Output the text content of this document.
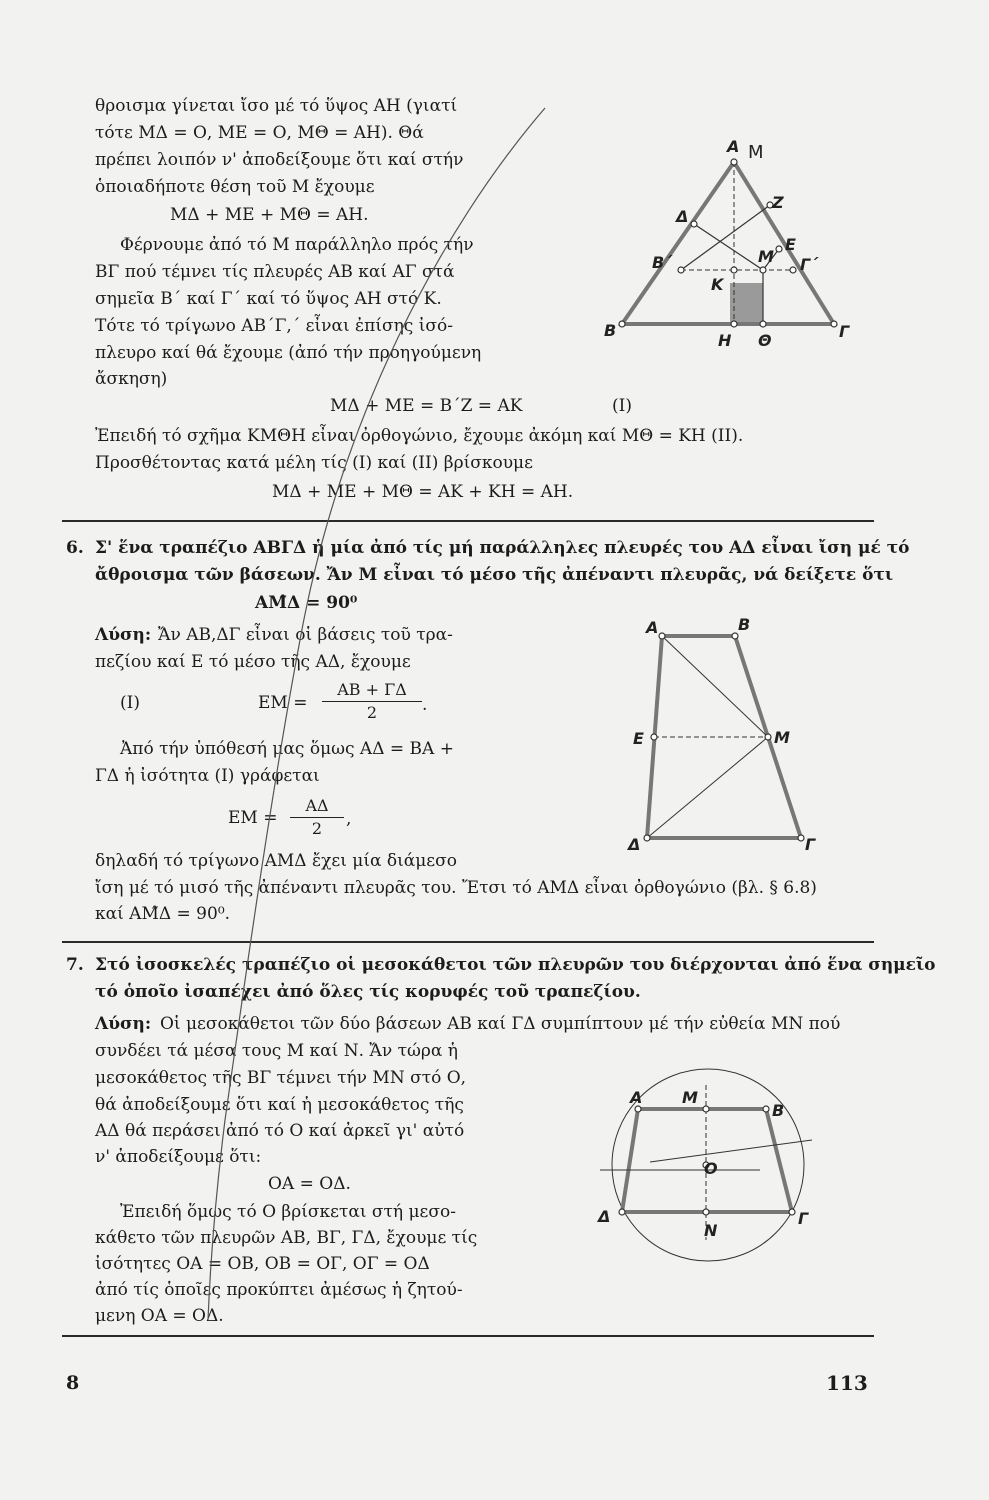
θροισμα γίνεται ἴσο μέ τό ὕψος ΑΗ (γιατί
τότε ΜΔ = Ο, ΜΕ = Ο, ΜΘ = ΑΗ). Θά
πρέπει λοιπόν ν' ἀποδείξουμε ὅτι καί στήν
ὁποιαδήποτε θέση τοῦ Μ ἔχουμε
ΜΔ + ΜΕ + ΜΘ = ΑΗ.
Φέρνουμε ἀπό τό Μ παράλληλο πρός τήν
ΒΓ πού τέμνει τίς πλευρές ΑΒ καί ΑΓ στά
σημεῖα Β΄ καί Γ΄ καί τό ὕψος ΑΗ στό Κ.
Τότε τό τρίγωνο ΑΒ΄Γ,΄ εἶναι ἐπίσης ἰσό-
πλευρο καί θά ἔχουμε (ἀπό τήν προηγούμενη
ἄσκηση)
ΜΔ + ΜΕ = Β΄Ζ = ΑΚ	(Ι)
Ἐπειδή τό σχῆμα ΚΜΘΗ εἶναι ὀρθογώνιο, ἔχουμε ἀκόμη καί ΜΘ = ΚΗ (ΙΙ).
Προσθέτοντας κατά μέλη τίς (Ι) καί (ΙΙ) βρίσκουμε
ΜΔ + ΜΕ + ΜΘ = ΑΚ + ΚΗ = ΑΗ.
6. Σ' ἕνα τραπέζιο ΑΒΓΔ ἡ μία ἀπό τίς μή παράλληλες πλευρές του ΑΔ εἶναι ἴση μέ τό
ἄθροισμα τῶν βάσεων. Ἄν Μ εἶναι τό μέσο τῆς ἀπέναντι πλευρᾶς, νά δείξετε ὅτι
ΑΜ̂Δ = 90⁰
Λύση: Ἄν ΑΒ,ΔΓ εἶναι οἱ βάσεις τοῦ τρα-
πεζίου καί Ε τό μέσο τῆς ΑΔ, ἔχουμε
(Ι)	ΕΜ =
ΑΒ + ΓΔ
2	.
Ἀπό τήν ὑπόθεσή μας ὅμως ΑΔ = ΒΑ +
ΓΔ ἡ ἰσότητα (Ι) γράφεται
ΕΜ =
ΑΔ
2	,
δηλαδή τό τρίγωνο ΑΜΔ ἔχει μία διάμεσο
ἴση μέ τό μισό τῆς ἀπέναντι πλευρᾶς του. Ἔτσι τό ΑΜΔ εἶναι ὀρθογώνιο (βλ. § 6.8)
καί ΑΜ̂Δ = 90⁰.
7. Στό ἰσοσκελές τραπέζιο οἱ μεσοκάθετοι τῶν πλευρῶν του διέρχονται ἀπό ἕνα σημεῖο
τό ὁποῖο ἰσαπέχει ἀπό ὅλες τίς κορυφές τοῦ τραπεζίου.
Λύση: Οἱ μεσοκάθετοι τῶν δύο βάσεων ΑΒ καί ΓΔ συμπίπτουν μέ τήν εὐθεία ΜΝ πού
συνδέει τά μέσα τους Μ καί Ν. Ἄν τώρα ἡ
μεσοκάθετος τῆς ΒΓ τέμνει τήν ΜΝ στό Ο,
θά ἀποδείξουμε ὅτι καί ἡ μεσοκάθετος τῆς
ΑΔ θά περάσει ἀπό τό Ο καί ἀρκεῖ γι' αὐτό
ν' ἀποδείξουμε ὅτι:
ΟΑ = ΟΔ.
Ἐπειδή ὅμως τό Ο βρίσκεται στή μεσο-
κάθετο τῶν πλευρῶν ΑΒ, ΒΓ, ΓΔ, ἔχουμε τίς
ἰσότητες ΟΑ = ΟΒ, ΟΒ = ΟΓ, ΟΓ = ΟΔ
ἀπό τίς ὁποῖες προκύπτει ἀμέσως ἡ ζητού-
μενη ΟΑ = ΟΔ.
8	113
Α M
Δ
Ζ
Ε
Β΄	Μ Γ΄
Κ
Β	Γ
Η Θ
Α	Β
Ε	Μ
Δ	Γ
Α Μ
Β
Ο
Δ
Ν
Γ
